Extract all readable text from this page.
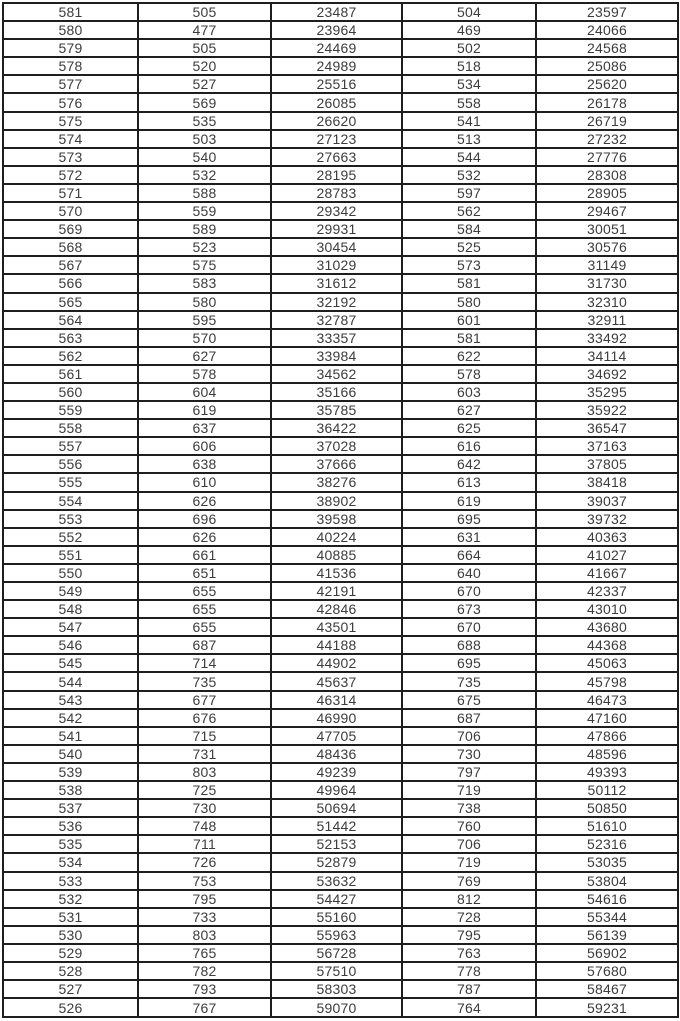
581	505	23487	504	23597
580	477	23964	469	24066
579	505	24469	502	24568
578	520	24989	518	25086
577	527	25516	534	25620
576	569	26085	558	26178
575	535	26620	541	26719
574	503	27123	513	27232
573	540	27663	544	27776
572	532	28195	532	28308
571	588	28783	597	28905
570	559	29342	562	29467
569	589	29931	584	30051
568	523	30454	525	30576
567	575	31029	573	31149
566	583	31612	581	31730
565	580	32192	580	32310
564	595	32787	601	32911
563	570	33357	581	33492
562	627	33984	622	34114
561	578	34562	578	34692
560	604	35166	603	35295
559	619	35785	627	35922
558	637	36422	625	36547
557	606	37028	616	37163
556	638	37666	642	37805
555	610	38276	613	38418
554	626	38902	619	39037
553	696	39598	695	39732
552	626	40224	631	40363
551	661	40885	664	41027
550	651	41536	640	41667
549	655	42191	670	42337
548	655	42846	673	43010
547	655	43501	670	43680
546	687	44188	688	44368
545	714	44902	695	45063
544	735	45637	735	45798
543	677	46314	675	46473
542	676	46990	687	47160
541	715	47705	706	47866
540	731	48436	730	48596
539	803	49239	797	49393
538	725	49964	719	50112
537	730	50694	738	50850
536	748	51442	760	51610
535	711	52153	706	52316
534	726	52879	719	53035
533	753	53632	769	53804
532	795	54427	812	54616
531	733	55160	728	55344
530	803	55963	795	56139
529	765	56728	763	56902
528	782	57510	778	57680
527	793	58303	787	58467
526	767	59070	764	59231
